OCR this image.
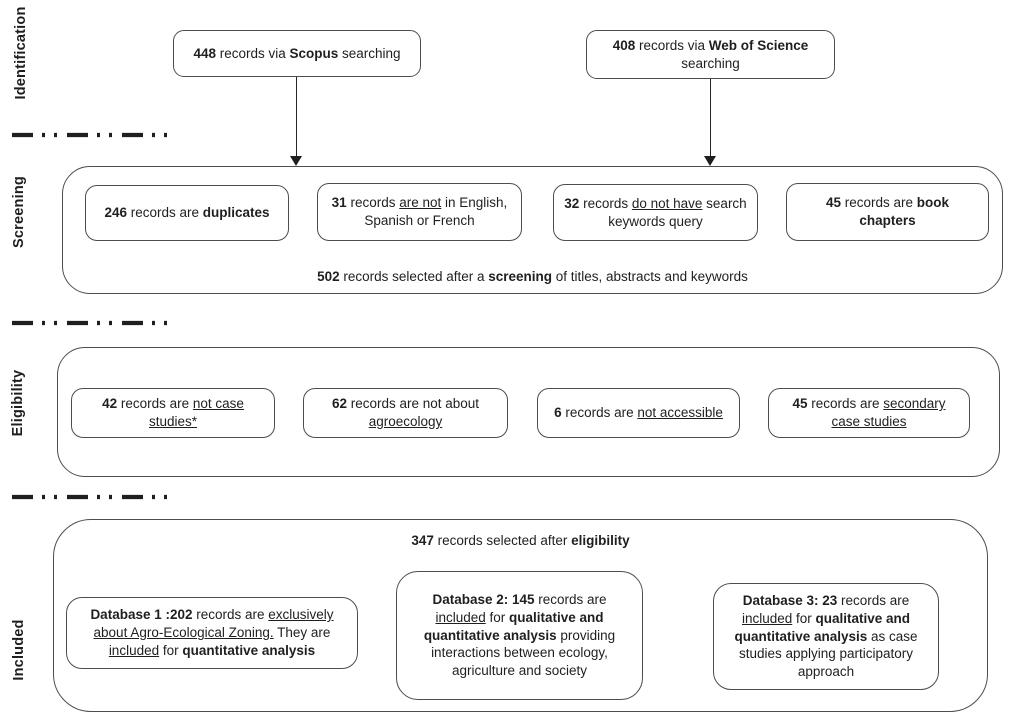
Identification
Screening
Eligibility
Included
448 records via Scopus searching
408 records via Web of Science searching
246 records are duplicates
31 records are not in English, Spanish or French
32 records do not have search keywords query
45 records are book chapters
502 records selected after a screening of titles, abstracts and keywords
42 records are not case studies*
62 records are not about agroecology
6 records are not accessible
45 records are secondary case studies
347 records selected after eligibility
Database 1 :202 records are exclusively about Agro-Ecological Zoning. They are included for quantitative analysis
Database 2: 145 records are included for qualitative and quantitative analysis providing interactions between ecology, agriculture and society
Database 3: 23 records are included for qualitative and quantitative analysis as case studies applying participatory approach
